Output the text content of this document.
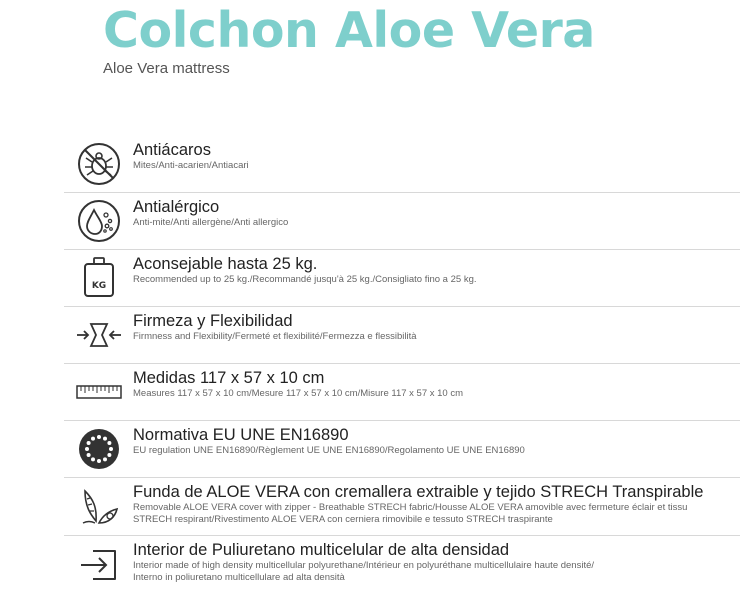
Colchon Aloe Vera
Aloe Vera mattress
Antiácaros
Mites/Anti-acarien/Antiacari
Antialérgico
Anti-mite/Anti allergène/Anti allergico
KG
Aconsejable hasta 25 kg.
Recommended up to 25 kg./Recommandé jusqu'à 25 kg./Consigliato fino a 25 kg.
Firmeza y Flexibilidad
Firmness and Flexibility/Fermeté et flexibilité/Fermezza e flessibilità
Medidas 117 x 57 x 10 cm
Measures 117 x 57 x 10 cm/Mesure 117 x 57 x 10 cm/Misure 117 x 57 x 10 cm
Normativa EU UNE EN16890
EU regulation UNE EN16890/Règlement UE UNE EN16890/Regolamento UE UNE EN16890
Funda de ALOE VERA con cremallera extraible y tejido STRECH Transpirable
Removable ALOE VERA cover with zipper - Breathable STRECH fabric/Housse ALOE VERA amovible avec fermeture éclair et tissu
STRECH respirant/Rivestimento ALOE VERA con cerniera rimovibile e tessuto STRECH traspirante
Interior de Puliuretano multicelular de alta densidad
Interior made of high density multicellular polyurethane/Intérieur en polyuréthane multicellulaire haute densité/
Interno in poliuretano multicellulare ad alta densità
